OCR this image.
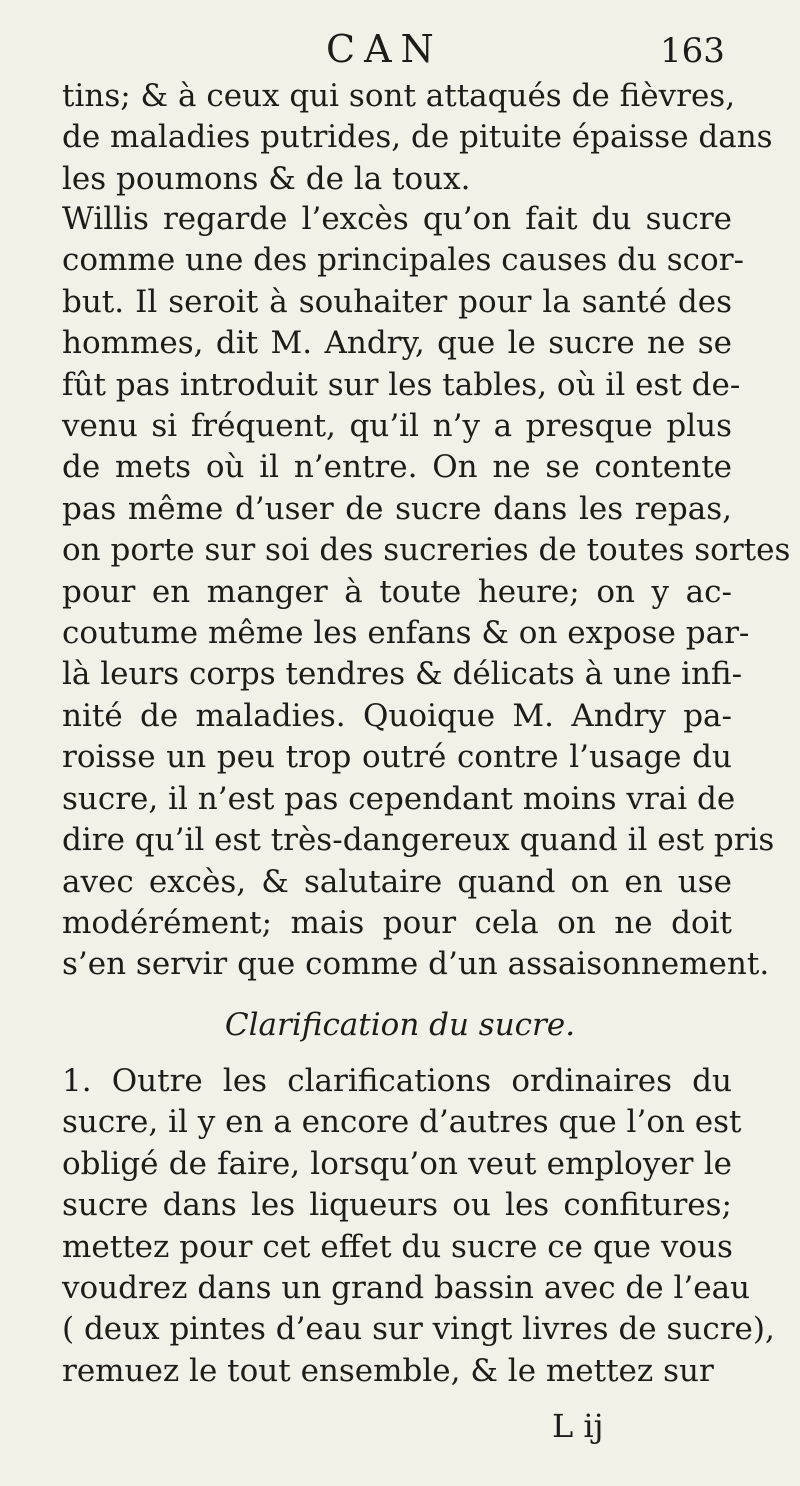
CAN	163
tins; & à ceux qui sont attaqués de fièvres,
de maladies putrides, de pituite épaisse dans
les poumons & de la toux.
Willis regarde l’excès qu’on fait du sucre
comme une des principales causes du scor-
but. Il seroit à souhaiter pour la santé des
hommes, dit M. Andry, que le sucre ne se
fût pas introduit sur les tables, où il est de-
venu si fréquent, qu’il n’y a presque plus
de mets où il n’entre. On ne se contente
pas même d’user de sucre dans les repas,
on porte sur soi des sucreries de toutes sortes
pour en manger à toute heure; on y ac-
coutume même les enfans & on expose par-
là leurs corps tendres & délicats à une infi-
nité de maladies. Quoique M. Andry pa-
roisse un peu trop outré contre l’usage du
sucre, il n’est pas cependant moins vrai de
dire qu’il est très-dangereux quand il est pris
avec excès, & salutaire quand on en use
modérément; mais pour cela on ne doit
s’en servir que comme d’un assaisonnement.
Clarification du sucre.
1. Outre les clarifications ordinaires du
sucre, il y en a encore d’autres que l’on est
obligé de faire, lorsqu’on veut employer le
sucre dans les liqueurs ou les confitures;
mettez pour cet effet du sucre ce que vous
voudrez dans un grand bassin avec de l’eau
( deux pintes d’eau sur vingt livres de sucre),
remuez le tout ensemble, & le mettez sur
L ij
